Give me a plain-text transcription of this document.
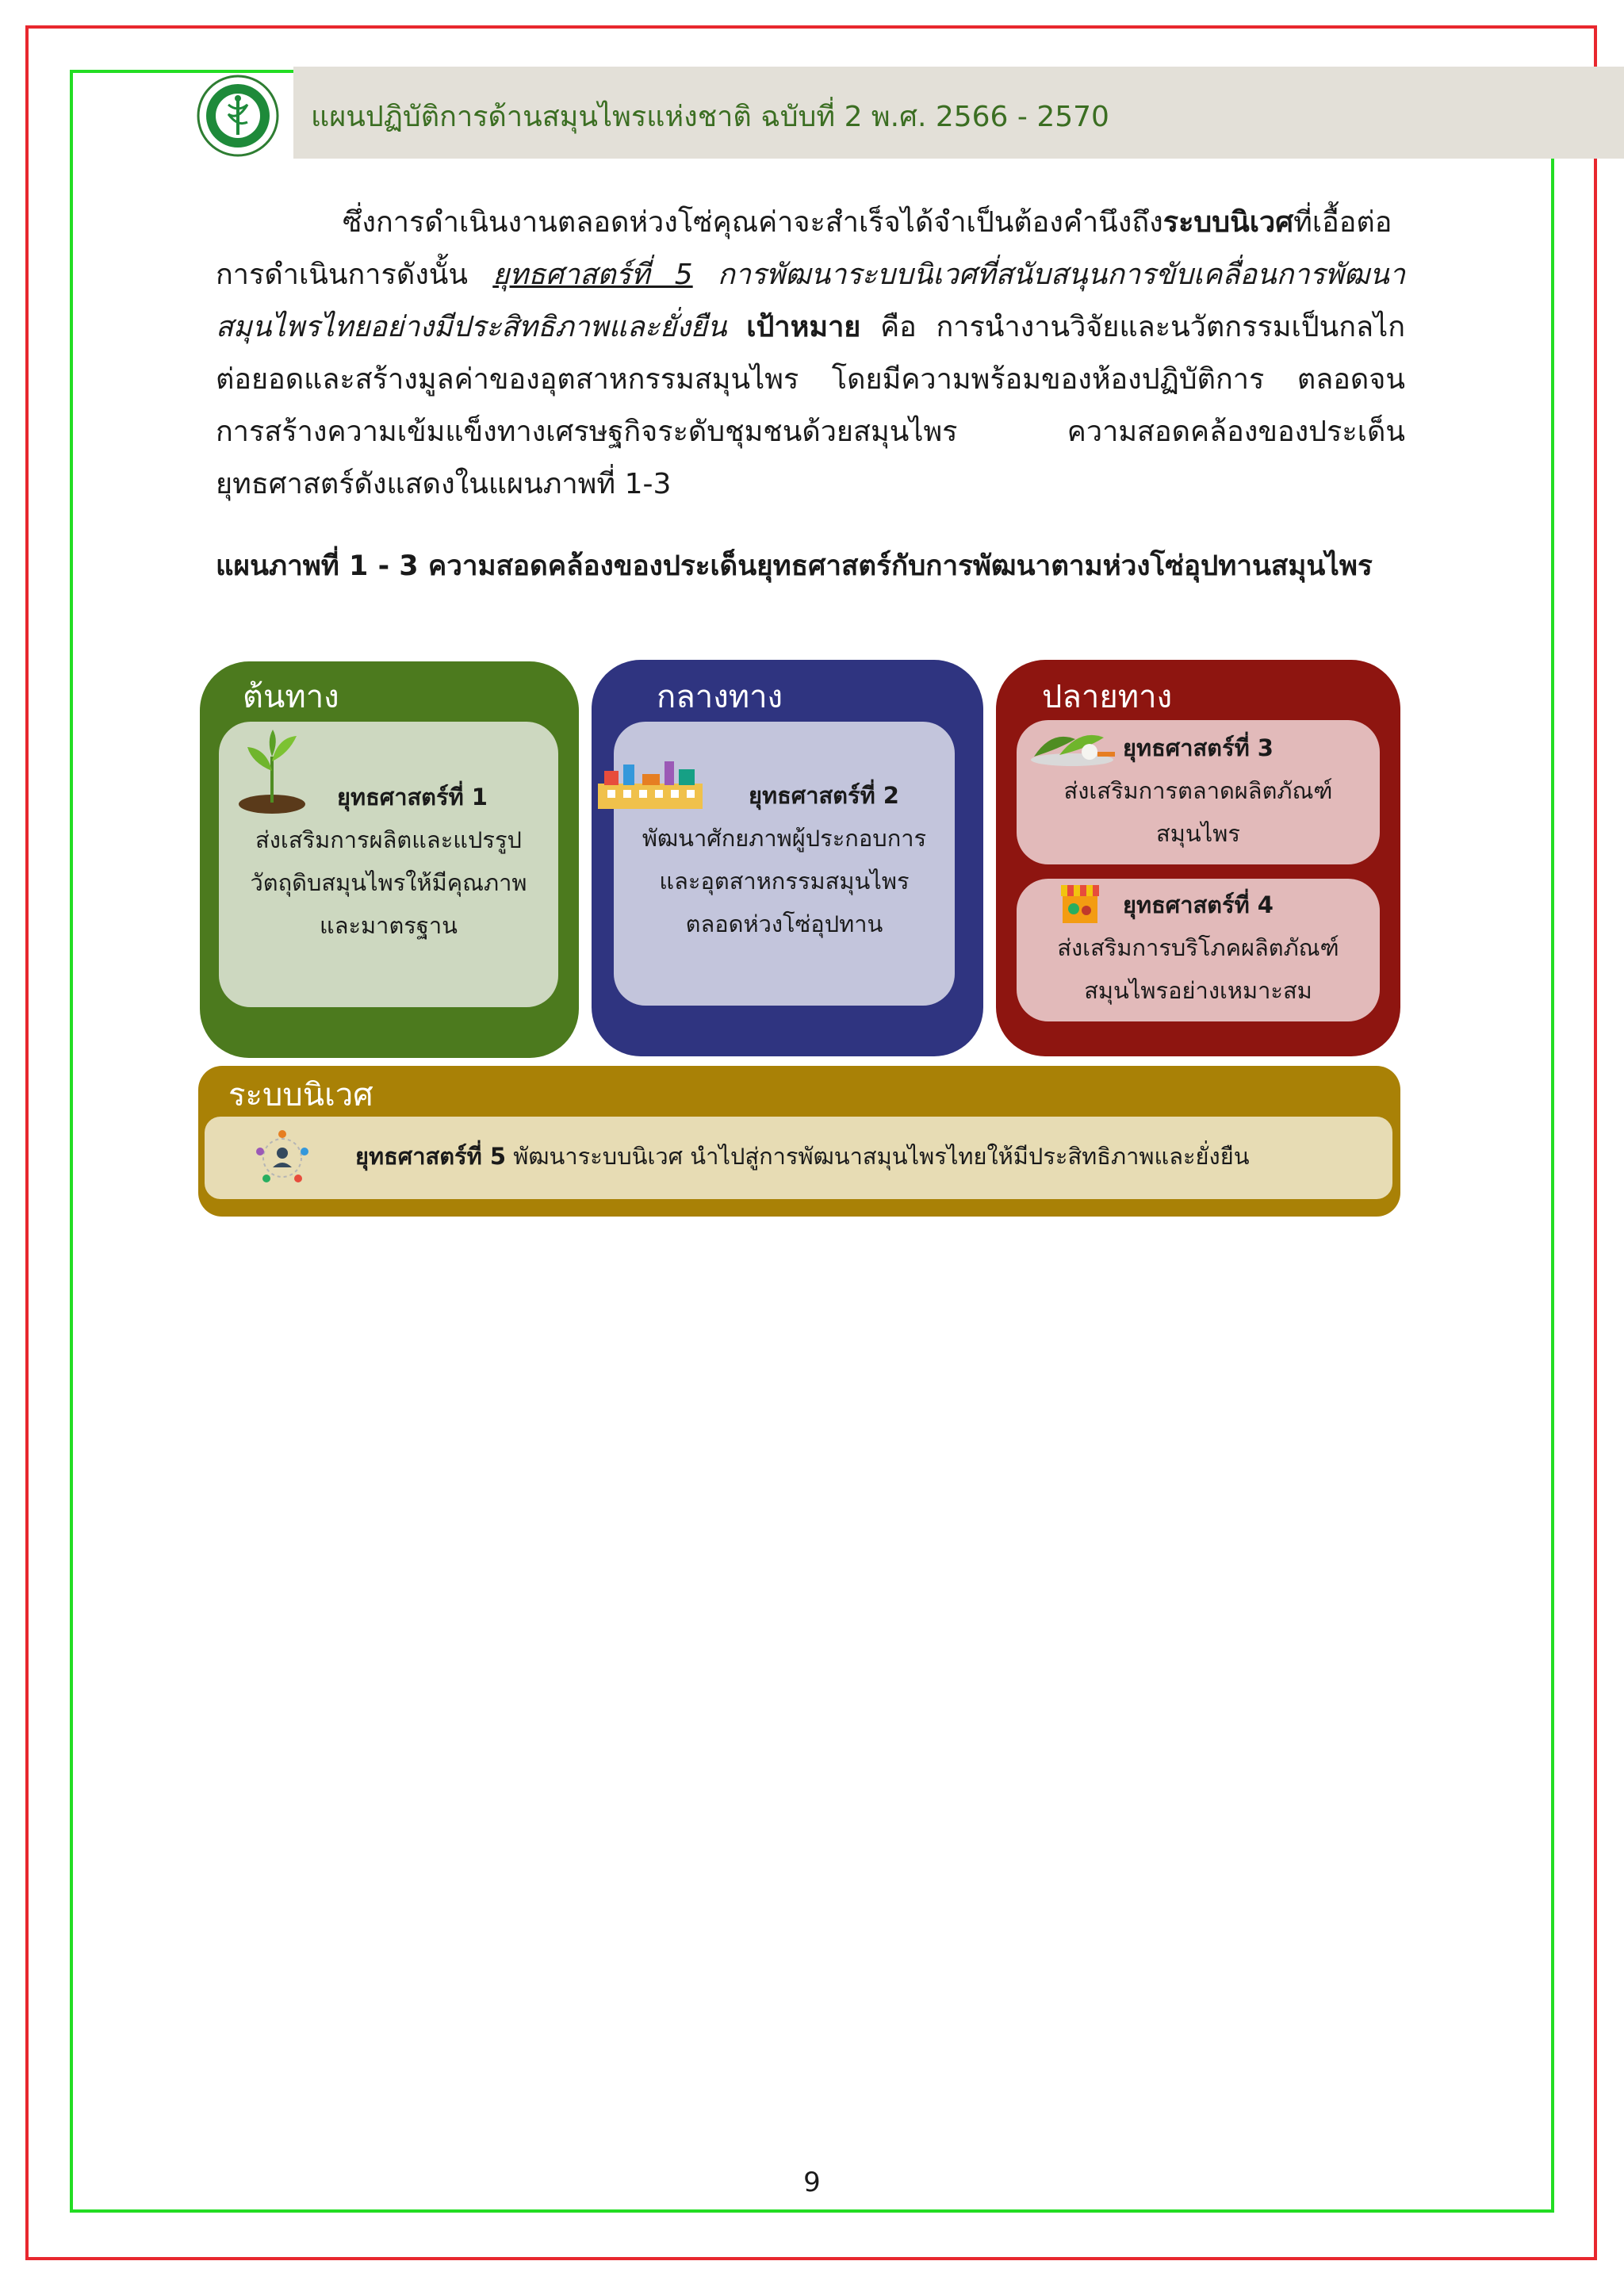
แผนปฏิบัติการด้านสมุนไพรแห่งชาติ ฉบับที่ 2 พ.ศ. 2566 - 2570

ซึ่งการดำเนินงานตลอดห่วงโซ่คุณค่าจะสำเร็จได้จำเป็นต้องคำนึงถึงระบบนิเวศที่เอื้อต่อการดำเนินการดังนั้น ยุทธศาสตร์ที่ 5 การพัฒนาระบบนิเวศที่สนับสนุนการขับเคลื่อนการพัฒนาสมุนไพรไทยอย่างมีประสิทธิภาพและยั่งยืน เป้าหมาย คือ การนำงานวิจัยและนวัตกรรมเป็นกลไกต่อยอดและสร้างมูลค่าของอุตสาหกรรมสมุนไพร โดยมีความพร้อมของห้องปฏิบัติการ ตลอดจนการสร้างความเข้มแข็งทางเศรษฐกิจระดับชุมชนด้วยสมุนไพร ความสอดคล้องของประเด็นยุทธศาสตร์ดังแสดงในแผนภาพที่ 1-3

แผนภาพที่ 1 - 3 ความสอดคล้องของประเด็นยุทธศาสตร์กับการพัฒนาตามห่วงโซ่อุปทานสมุนไพร
ต้นทาง
ยุทธศาสตร์ที่ 1
ส่งเสริมการผลิตและแปรรูป
วัตถุดิบสมุนไพรให้มีคุณภาพ
และมาตรฐาน
กลางทาง
ยุทธศาสตร์ที่ 2
พัฒนาศักยภาพผู้ประกอบการ
และอุตสาหกรรมสมุนไพร
ตลอดห่วงโซ่อุปทาน
ปลายทาง
ยุทธศาสตร์ที่ 3
ส่งเสริมการตลาดผลิตภัณฑ์
สมุนไพร
ยุทธศาสตร์ที่ 4
ส่งเสริมการบริโภคผลิตภัณฑ์
สมุนไพรอย่างเหมาะสม
ระบบนิเวศ
ยุทธศาสตร์ที่ 5 พัฒนาระบบนิเวศ นำไปสู่การพัฒนาสมุนไพรไทยให้มีประสิทธิภาพและยั่งยืน
9
